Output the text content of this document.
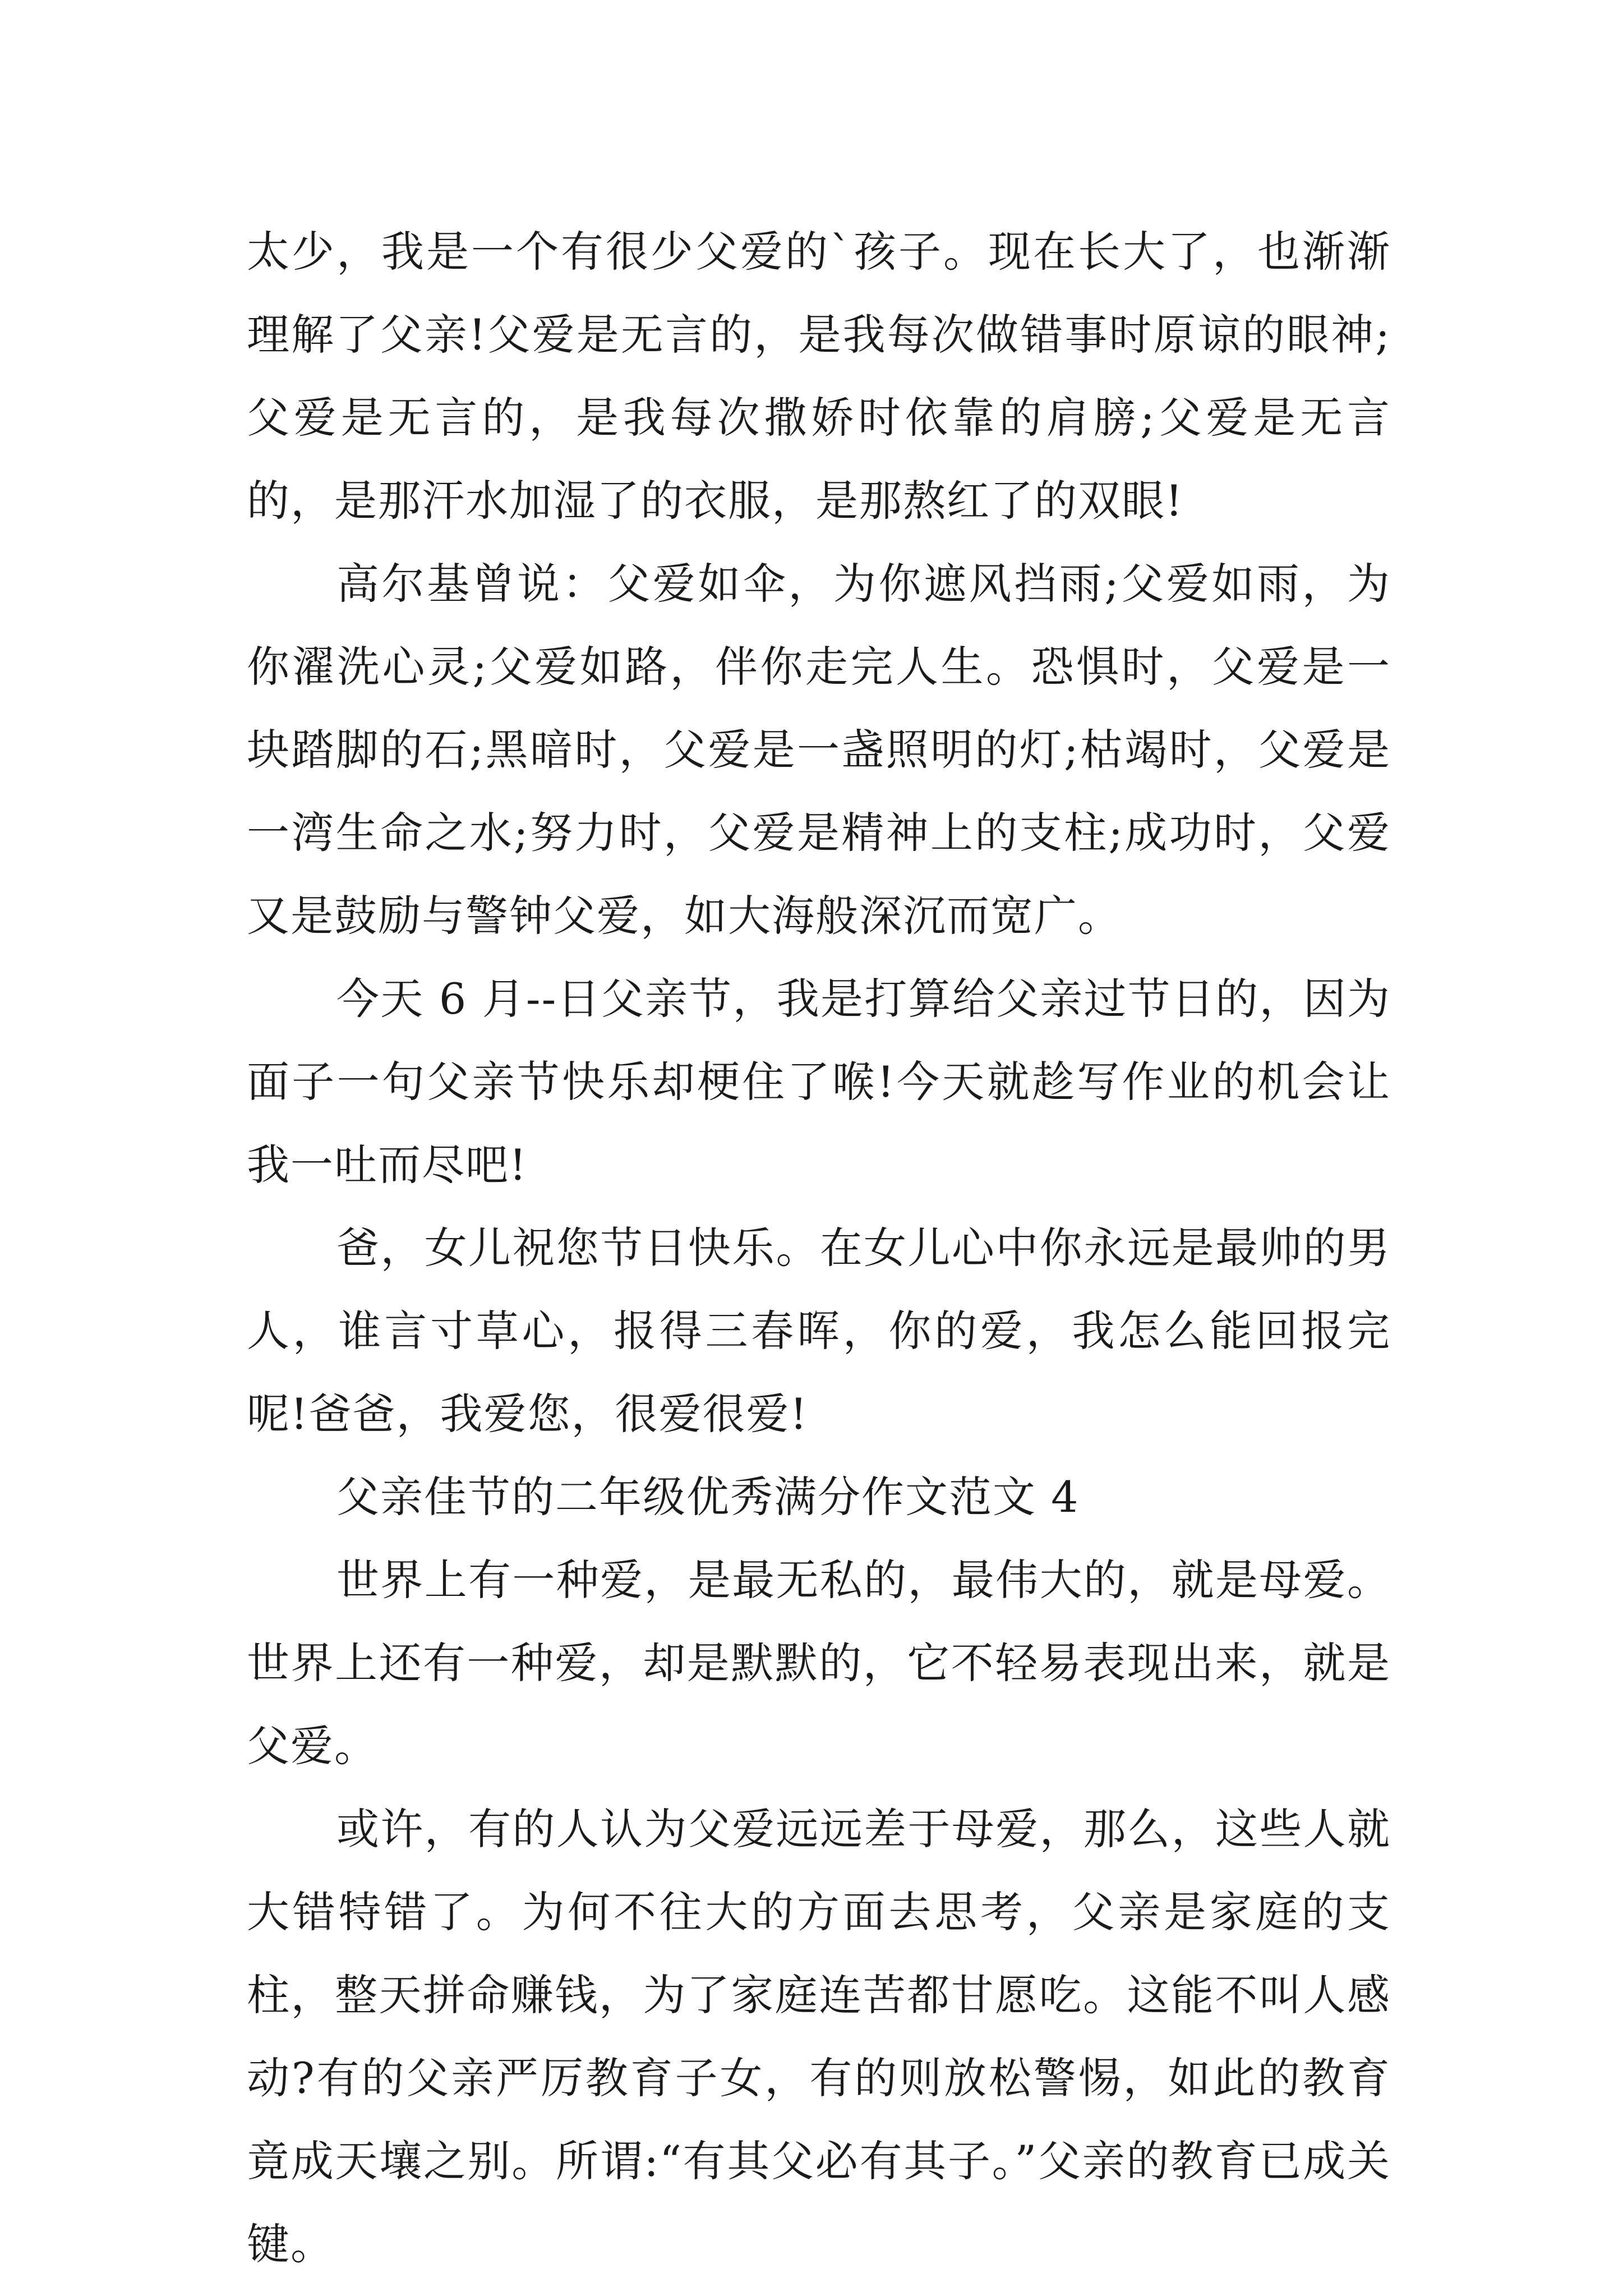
太少，我是一个有很少父爱的`孩子。现在长大了，也渐渐理解了父亲!父爱是无言的，是我每次做错事时原谅的眼神;父爱是无言的，是我每次撒娇时依靠的肩膀;父爱是无言的，是那汗水加湿了的衣服，是那熬红了的双眼!

高尔基曾说：父爱如伞，为你遮风挡雨;父爱如雨，为你濯洗心灵;父爱如路，伴你走完人生。恐惧时，父爱是一块踏脚的石;黑暗时，父爱是一盏照明的灯;枯竭时，父爱是一湾生命之水;努力时，父爱是精神上的支柱;成功时，父爱又是鼓励与警钟父爱，如大海般深沉而宽广。

今天 6 月--日父亲节，我是打算给父亲过节日的，因为面子一句父亲节快乐却梗住了喉!今天就趁写作业的机会让我一吐而尽吧!

爸，女儿祝您节日快乐。在女儿心中你永远是最帅的男人，谁言寸草心，报得三春晖，你的爱，我怎么能回报完呢!爸爸，我爱您，很爱很爱!

父亲佳节的二年级优秀满分作文范文 4

世界上有一种爱，是最无私的，最伟大的，就是母爱。世界上还有一种爱，却是默默的，它不轻易表现出来，就是父爱。

或许，有的人认为父爱远远差于母爱，那么，这些人就大错特错了。为何不往大的方面去思考，父亲是家庭的支柱，整天拼命赚钱，为了家庭连苦都甘愿吃。这能不叫人感动?有的父亲严厉教育子女，有的则放松警惕，如此的教育竟成天壤之别。所谓:“有其父必有其子。”父亲的教育已成关键。
